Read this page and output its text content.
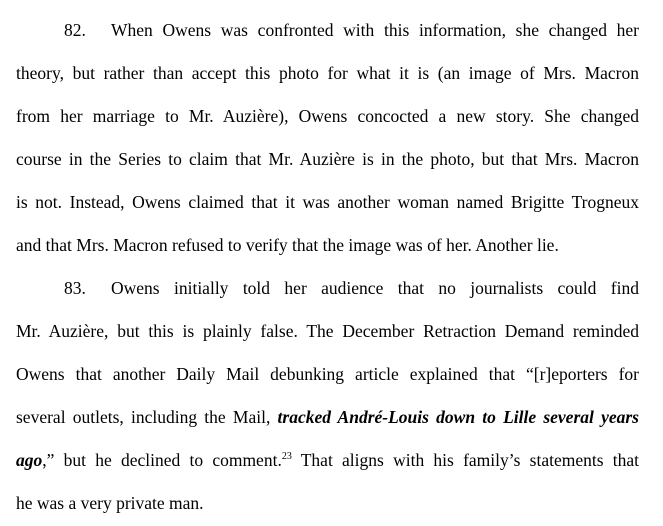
82. When Owens was confronted with this information, she changed her
theory, but rather than accept this photo for what it is (an image of Mrs. Macron
from her marriage to Mr. Auzière), Owens concocted a new story. She changed
course in the Series to claim that Mr. Auzière is in the photo, but that Mrs. Macron
is not. Instead, Owens claimed that it was another woman named Brigitte Trogneux
and that Mrs. Macron refused to verify that the image was of her. Another lie.
83. Owens initially told her audience that no journalists could find
Mr. Auzière, but this is plainly false. The December Retraction Demand reminded
Owens that another Daily Mail debunking article explained that “[r]eporters for
several outlets, including the Mail, tracked André-Louis down to Lille several years
ago,” but he declined to comment.$^{23}$ That aligns with his family’s statements that
he was a very private man.
